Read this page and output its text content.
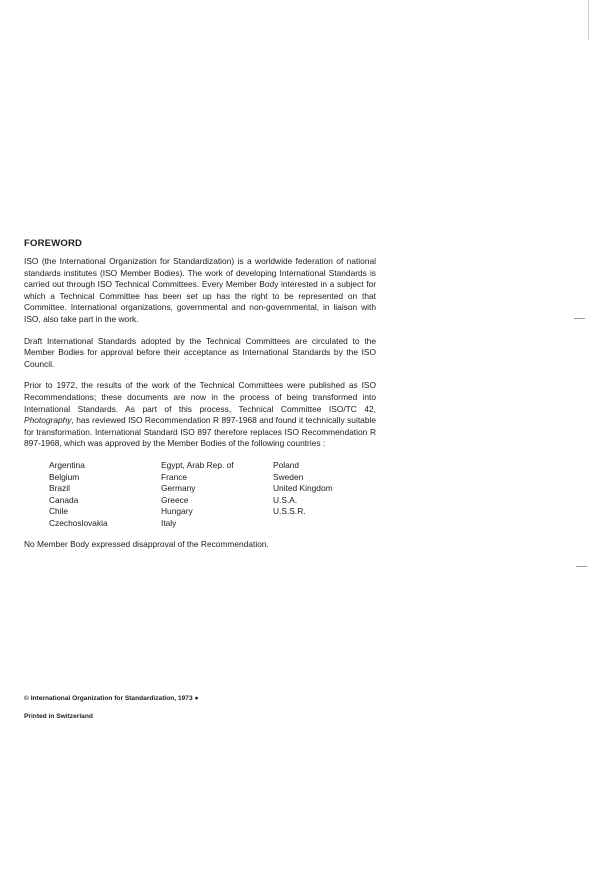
FOREWORD

ISO (the International Organization for Standardization) is a worldwide federation of national standards institutes (ISO Member Bodies). The work of developing International Standards is carried out through ISO Technical Committees. Every Member Body interested in a subject for which a Technical Committee has been set up has the right to be represented on that Committee. International organizations, governmental and non-governmental, in liaison with ISO, also take part in the work.

Draft International Standards adopted by the Technical Committees are circulated to the Member Bodies for approval before their acceptance as International Standards by the ISO Council.

Prior to 1972, the results of the work of the Technical Committees were published as ISO Recommendations; these documents are now in the process of being transformed into International Standards. As part of this process, Technical Committee ISO/TC 42, Photography, has reviewed ISO Recommendation R 897-1968 and found it technically suitable for transformation. International Standard ISO 897 therefore replaces ISO Recommendation R 897-1968, which was approved by the Member Bodies of the following countries :

Argentina
Belgium
Brazil
Canada
Chile
Czechoslovakia
Egypt, Arab Rep. of
France
Germany
Greece
Hungary
Italy
Poland
Sweden
United Kingdom
U.S.A.
U.S.S.R.

No Member Body expressed disapproval of the Recommendation.

© International Organization for Standardization, 1973 ●
Printed in Switzerland
